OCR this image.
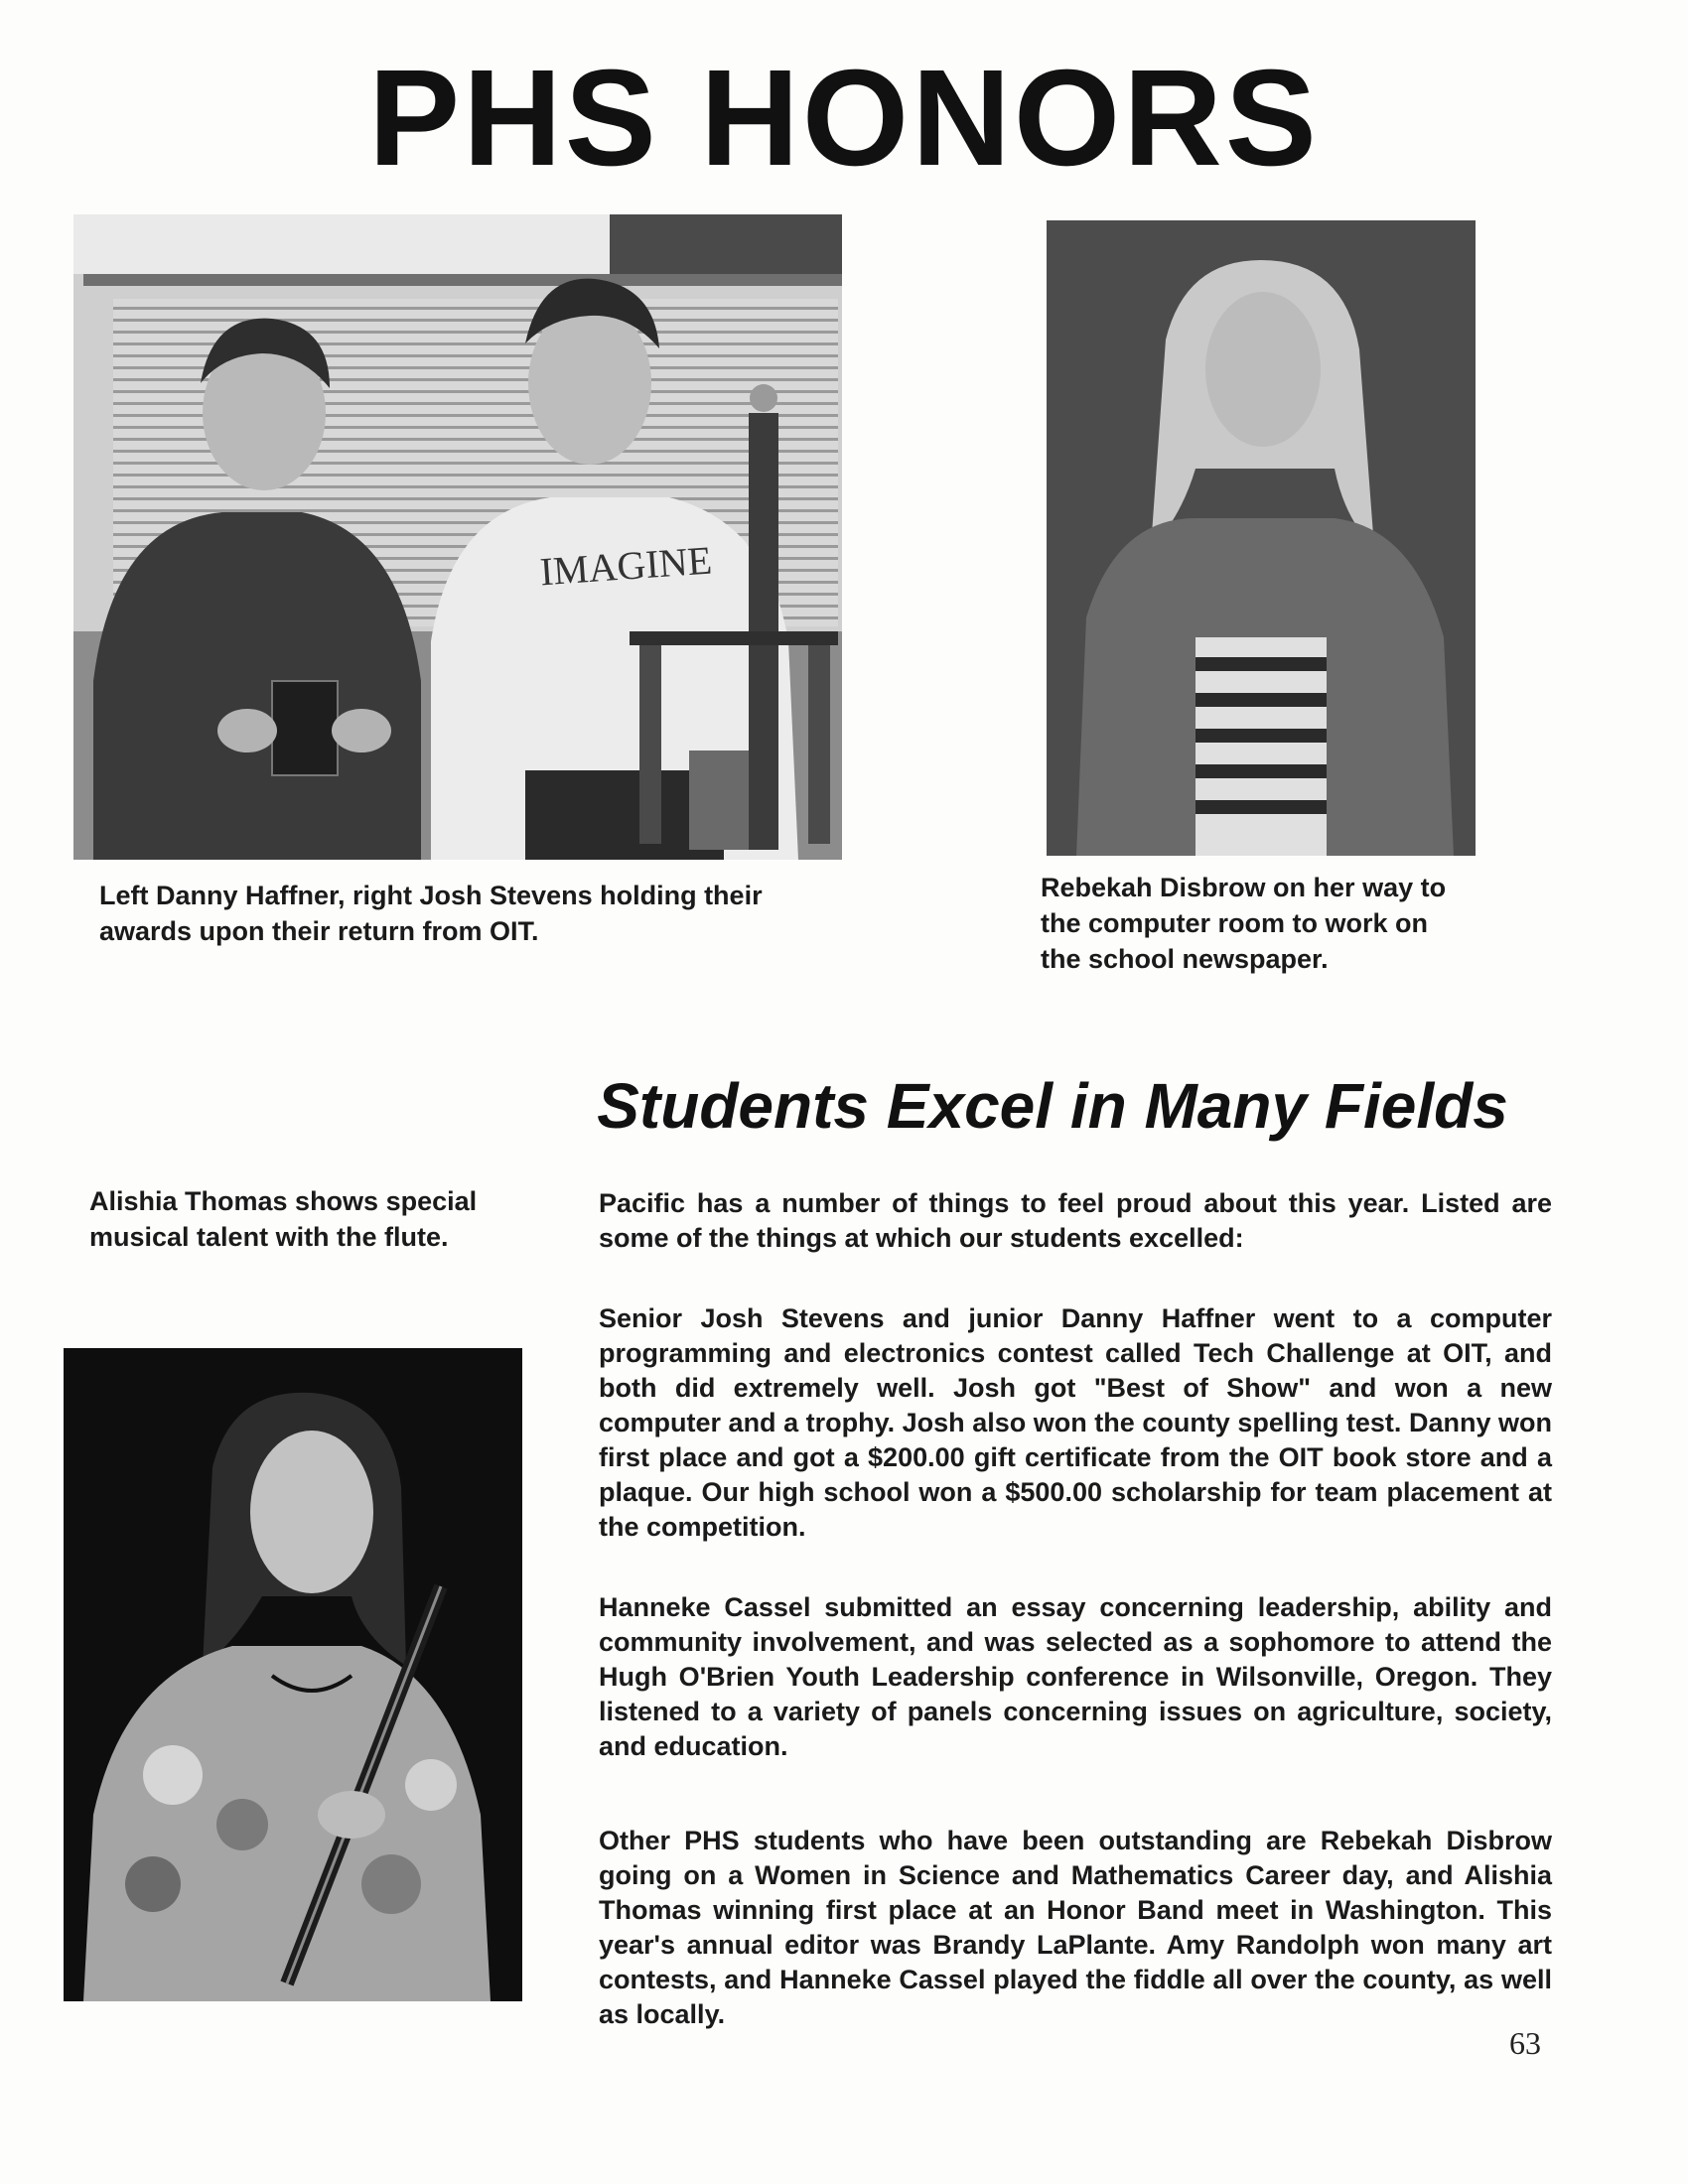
PHS HONORS
IMAGINE
Left Danny Haffner, right Josh Stevens holding their
awards upon their return from OIT.
Rebekah Disbrow on her way to
the computer room to work on
the school newspaper.
Students Excel in Many Fields
Alishia Thomas shows special
musical talent with the flute.

Pacific has a number of things to feel proud about this year. Listed are some of the things at which our students excelled:

Senior Josh Stevens and junior Danny Haffner went to a computer programming and electronics contest called Tech Challenge at OIT, and both did extremely well. Josh got "Best of Show" and won a new computer and a trophy. Josh also won the county spelling test. Danny won first place and got a $200.00 gift certificate from the OIT book store and a plaque. Our high school won a $500.00 scholarship for team placement at the competition.

Hanneke Cassel submitted an essay concerning leadership, ability and community involvement, and was selected as a sophomore to attend the Hugh O'Brien Youth Leadership conference in Wilsonville, Oregon. They listened to a variety of panels concerning issues on agriculture, society, and education.

Other PHS students who have been outstanding are Rebekah Disbrow going on a Women in Science and Mathematics Career day, and Alishia Thomas winning first place at an Honor Band meet in Washington. This year's annual editor was Brandy LaPlante. Amy Randolph won many art contests, and Hanneke Cassel played the fiddle all over the county, as well as locally.

63
